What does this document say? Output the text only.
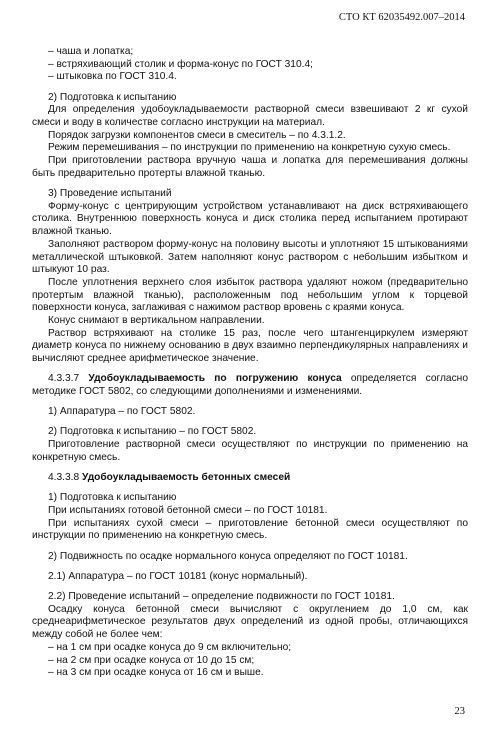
СТО КТ 62035492.007–2014

– чаша и лопатка;

– встряхивающий столик и форма-конус по ГОСТ 310.4;

– штыковка по ГОСТ 310.4.

2) Подготовка к испытанию

Для определения удобоукладываемости растворной смеси взвешивают 2 кг сухой смеси и воду в количестве согласно инструкции на материал.

Порядок загрузки компонентов смеси в смеситель – по 4.3.1.2.

Режим перемешивания – по инструкции по применению на конкретную сухую смесь.

При приготовлении раствора вручную чаша и лопатка для перемешивания должны быть предварительно протерты влажной тканью.

3) Проведение испытаний

Форму-конус с центрирующим устройством устанавливают на диск встряхивающего столика. Внутреннюю поверхность конуса и диск столика перед испытанием протирают влажной тканью.

Заполняют раствором форму-конус на половину высоты и уплотняют 15 штыкованиями металлической штыковкой. Затем наполняют конус раствором с небольшим избытком и штыкуют 10 раз.

После уплотнения верхнего слоя избыток раствора удаляют ножом (предварительно протертым влажной тканью), расположенным под небольшим углом к торцевой поверхности конуса, заглаживая с нажимом раствор вровень с краями конуса.

Конус снимают в вертикальном направлении.

Раствор встряхивают на столике 15 раз, после чего штангенциркулем измеряют диаметр конуса по нижнему основанию в двух взаимно перпендикулярных направлениях и вычисляют среднее арифметическое значение.

4.3.3.7 Удобоукладываемость по погружению конуса определяется согласно методике ГОСТ 5802, со следующими дополнениями и изменениями.

1) Аппаратура – по ГОСТ 5802.

2) Подготовка к испытанию – по ГОСТ 5802.

Приготовление растворной смеси осуществляют по инструкции по применению на конкретную смесь.

4.3.3.8 Удобоукладываемость бетонных смесей

1) Подготовка к испытанию

При испытаниях готовой бетонной смеси – по ГОСТ 10181.

При испытаниях сухой смеси – приготовление бетонной смеси осуществляют по инструкции по применению на конкретную смесь.

2) Подвижность по осадке нормального конуса определяют по ГОСТ 10181.

2.1) Аппаратура – по ГОСТ 10181 (конус нормальный).

2.2) Проведение испытаний – определение подвижности по ГОСТ 10181.

Осадку конуса бетонной смеси вычисляют с округлением до 1,0 см, как среднеарифметическое результатов двух определений из одной пробы, отличающихся между собой не более чем:

– на 1 см при осадке конуса до 9 см включительно;

– на 2 см при осадке конуса от 10 до 15 см;

– на 3 см при осадке конуса от 16 см и выше.

23
